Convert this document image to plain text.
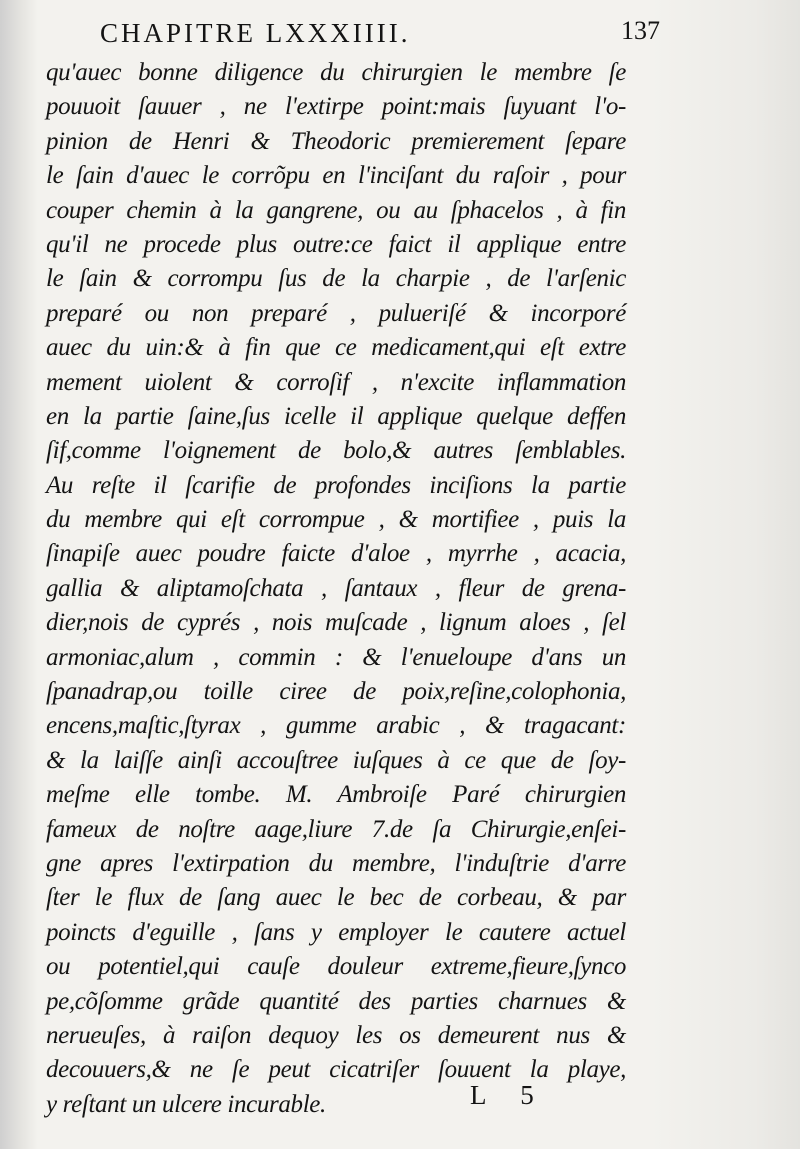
CHAPITRE LXXXIIII.	137
qu'auec bonne diligence du chirurgien le membre ſe
pouuoit ſauuer , ne l'extirpe point:mais ſuyuant l'o-
pinion de Henri & Theodoric premierement ſepare
le ſain d'auec le corrõpu en l'inciſant du raſoir , pour
couper chemin à la gangrene, ou au ſphacelos , à fin
qu'il ne procede plus outre:ce faict il applique entre
le ſain & corrompu ſus de la charpie , de l'arſenic
preparé ou non preparé , pulueriſé & incorporé
auec du uin:& à fin que ce medicament,qui eſt extre
mement uiolent & corroſif , n'excite inflammation
en la partie ſaine,ſus icelle il applique quelque deffen
ſif,comme l'oignement de bolo,& autres ſemblables.
Au reſte il ſcarifie de profondes inciſions la partie
du membre qui eſt corrompue , & mortifiee , puis la
ſinapiſe auec poudre faicte d'aloe , myrrhe , acacia,
gallia & aliptamoſchata , ſantaux , fleur de grena-
dier,nois de cyprés , nois muſcade , lignum aloes , ſel
armoniac,alum , commin : & l'enueloupe d'ans un
ſpanadrap,ou toille ciree de poix,reſine,colophonia,
encens,maſtic,ſtyrax , gumme arabic , & tragacant:
& la laiſſe ainſi accouſtree iuſques à ce que de ſoy-
meſme elle tombe. M. Ambroiſe Paré chirurgien
fameux de noſtre aage,liure 7.de ſa Chirurgie,enſei-
gne apres l'extirpation du membre, l'induſtrie d'arre
ſter le flux de ſang auec le bec de corbeau, & par
poincts d'eguille , ſans y employer le cautere actuel
ou potentiel,qui cauſe douleur extreme,fieure,ſynco
pe,cõſomme grãde quantité des parties charnues &
nerueuſes, à raiſon dequoy les os demeurent nus &
decouuers,& ne ſe peut cicatriſer ſouuent la playe,
y reſtant un ulcere incurable.	L 5
